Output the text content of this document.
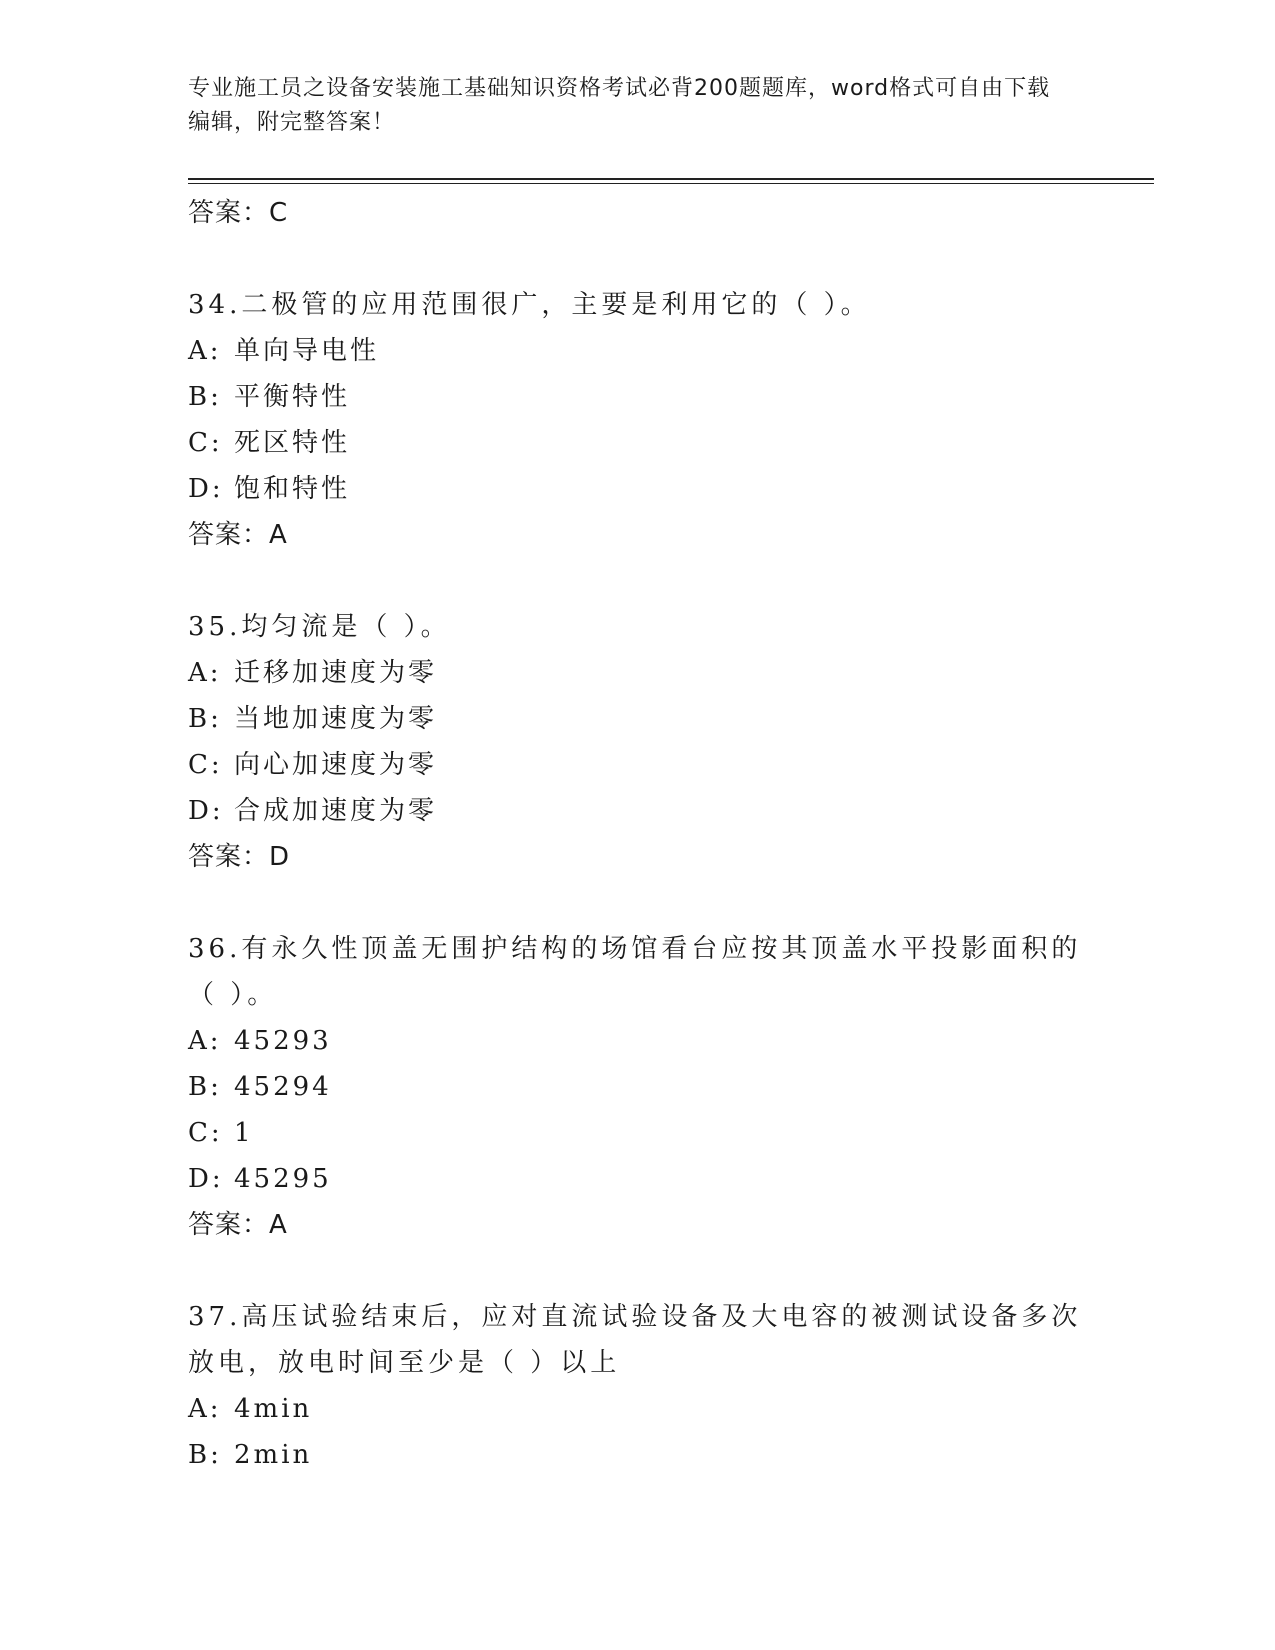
专业施工员之设备安装施工基础知识资格考试必背200题题库，word格式可自由下载编辑，附完整答案！
答案：C
34.二极管的应用范围很广，主要是利用它的（ ）。
A: 单向导电性
B: 平衡特性
C: 死区特性
D: 饱和特性
答案：A
35.均匀流是（ ）。
A: 迁移加速度为零
B: 当地加速度为零
C: 向心加速度为零
D: 合成加速度为零
答案：D
36.有永久性顶盖无围护结构的场馆看台应按其顶盖水平投影面积的（ ）。
A: 45293
B: 45294
C: 1
D: 45295
答案：A
37.高压试验结束后，应对直流试验设备及大电容的被测试设备多次放电，放电时间至少是（ ）以上
A: 4min
B: 2min
